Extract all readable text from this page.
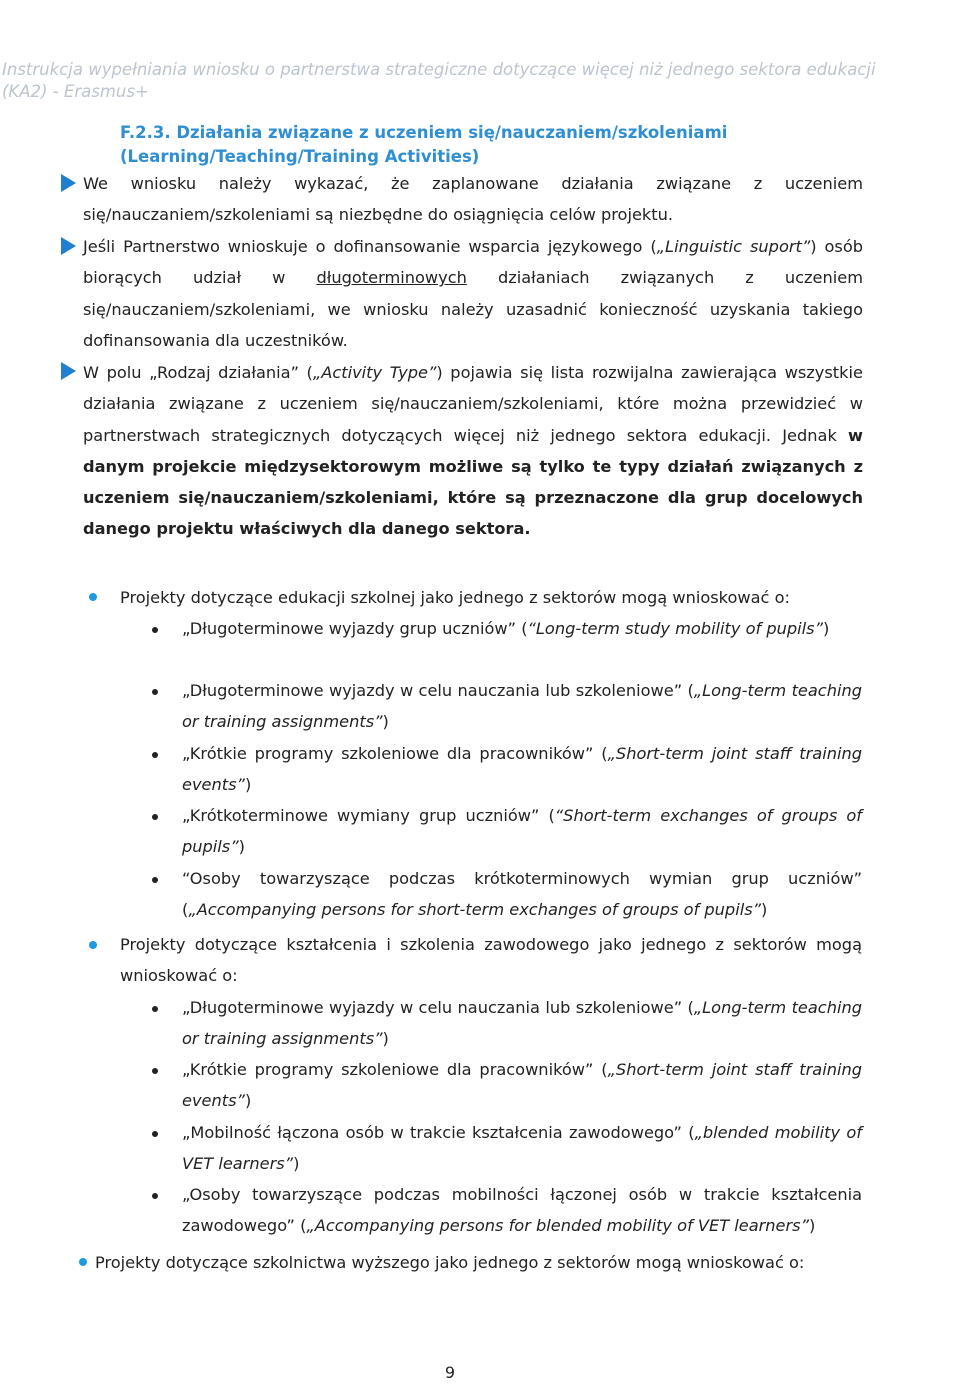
Instrukcja wypełniania wniosku o partnerstwa strategiczne dotyczące więcej niż jednego sektora edukacji
(KA2) - Erasmus+
F.2.3. Działania związane z uczeniem się/nauczaniem/szkoleniami
(Learning/Teaching/Training Activities)
We wniosku należy wykazać, że zaplanowane działania związane z uczeniem się/nauczaniem/szkoleniami są niezbędne do osiągnięcia celów projektu.
Jeśli Partnerstwo wnioskuje o dofinansowanie wsparcia językowego („Linguistic suport”) osób biorących udział w długoterminowych działaniach związanych z uczeniem się/nauczaniem/szkoleniami, we wniosku należy uzasadnić konieczność uzyskania takiego dofinansowania dla uczestników.
W polu „Rodzaj działania” („Activity Type”) pojawia się lista rozwijalna zawierająca wszystkie działania związane z uczeniem się/nauczaniem/szkoleniami, które można przewidzieć w partnerstwach strategicznych dotyczących więcej niż jednego sektora edukacji. Jednak w danym projekcie międzysektorowym możliwe są tylko te typy działań związanych z uczeniem się/nauczaniem/szkoleniami, które są przeznaczone dla grup docelowych danego projektu właściwych dla danego sektora.
Projekty dotyczące edukacji szkolnej jako jednego z sektorów mogą wnioskować o:
„Długoterminowe wyjazdy grup uczniów” (“Long-term study mobility of pupils”)
„Długoterminowe wyjazdy w celu nauczania lub szkoleniowe” („Long-term teaching or training assignments”)
„Krótkie programy szkoleniowe dla pracowników” („Short-term joint staff training events”)
„Krótkoterminowe wymiany grup uczniów” (“Short-term exchanges of groups of pupils”)
“Osoby towarzyszące podczas krótkoterminowych wymian grup uczniów” („Accompanying persons for short-term exchanges of groups of pupils”)
Projekty dotyczące kształcenia i szkolenia zawodowego jako jednego z sektorów mogą wnioskować o:
„Długoterminowe wyjazdy w celu nauczania lub szkoleniowe” („Long-term teaching or training assignments”)
„Krótkie programy szkoleniowe dla pracowników” („Short-term joint staff training events”)
„Mobilność łączona osób w trakcie kształcenia zawodowego” („blended mobility of VET learners”)
„Osoby towarzyszące podczas mobilności łączonej osób w trakcie kształcenia zawodowego” („Accompanying persons for blended mobility of VET learners”)
Projekty dotyczące szkolnictwa wyższego jako jednego z sektorów mogą wnioskować o:
9
